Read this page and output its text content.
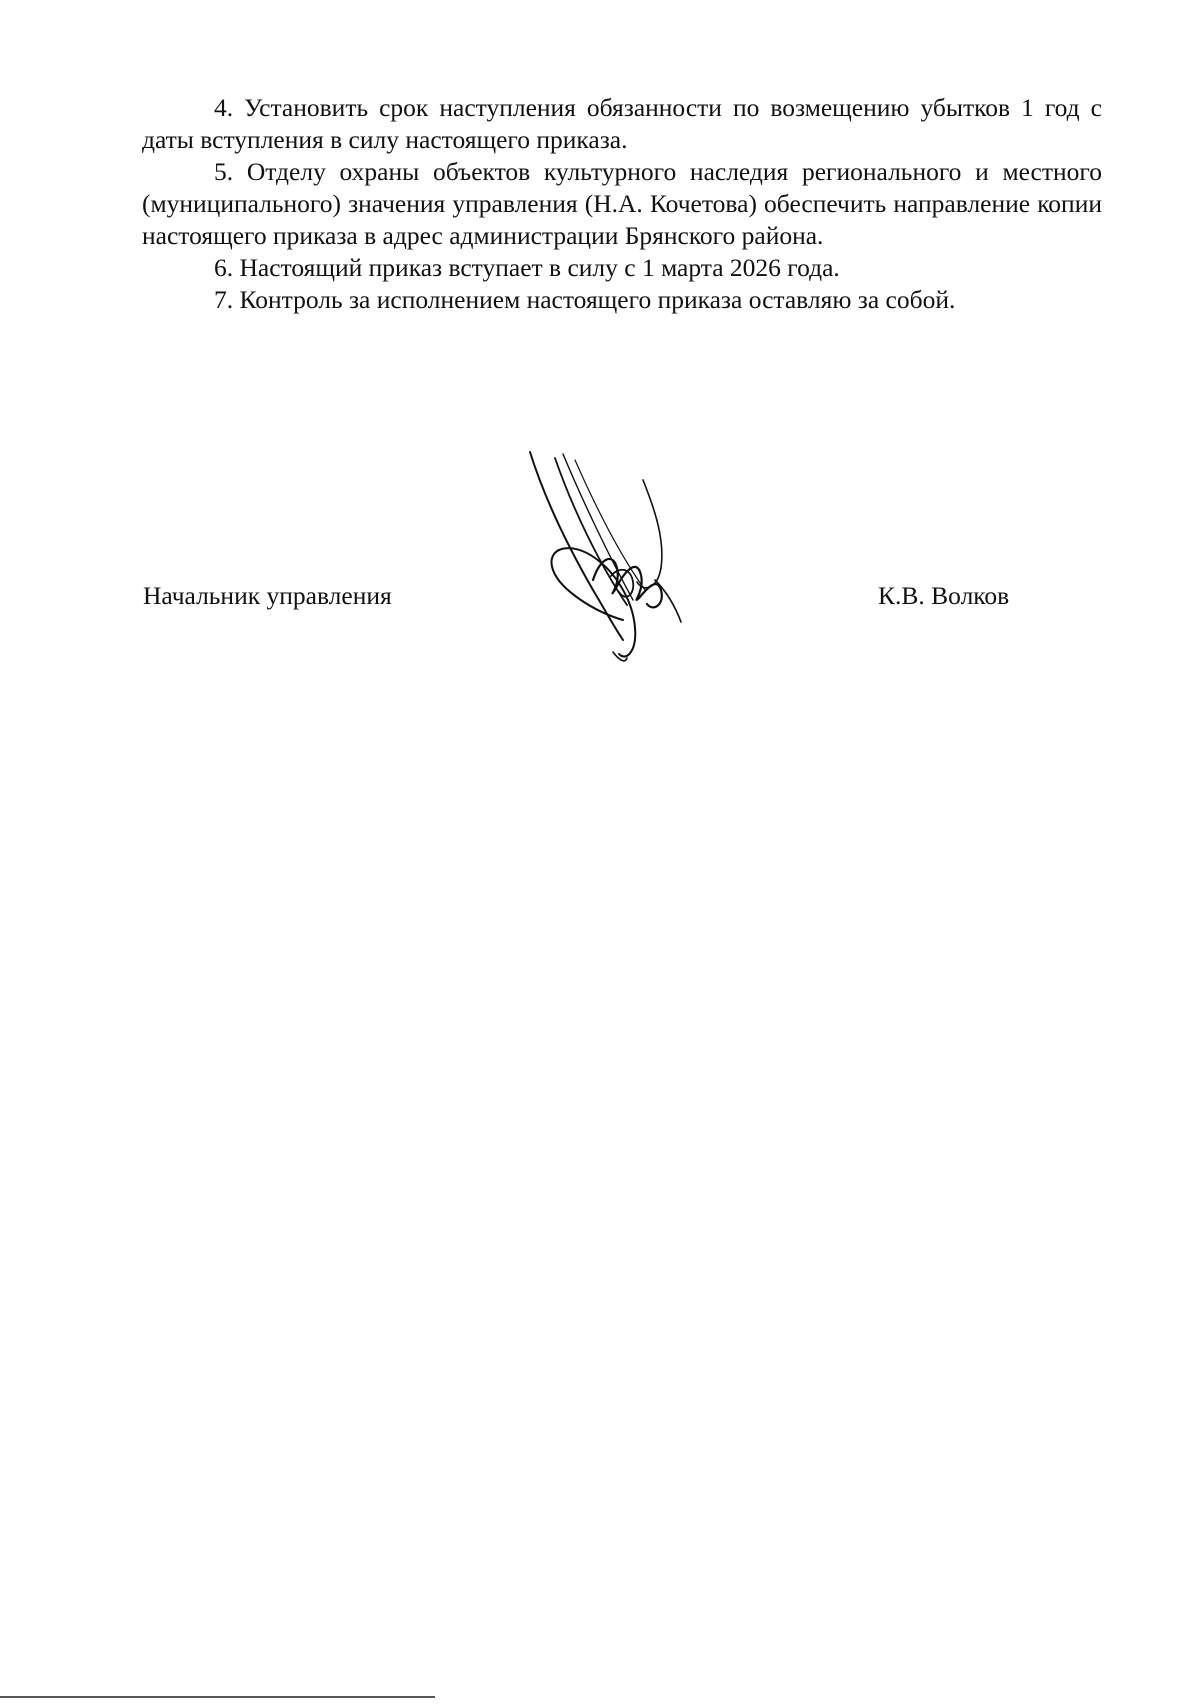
4. Установить срок наступления обязанности по возмещению убытков 1 год с даты вступления в силу настоящего приказа.

5. Отделу охраны объектов культурного наследия регионального и местного (муниципального) значения управления (Н.А. Кочетова) обеспечить направление копии настоящего приказа в адрес администрации Брянского района.

6. Настоящий приказ вступает в силу с 1 марта 2026 года.

7. Контроль за исполнением настоящего приказа оставляю за собой.

Начальник управления	К.В. Волков
